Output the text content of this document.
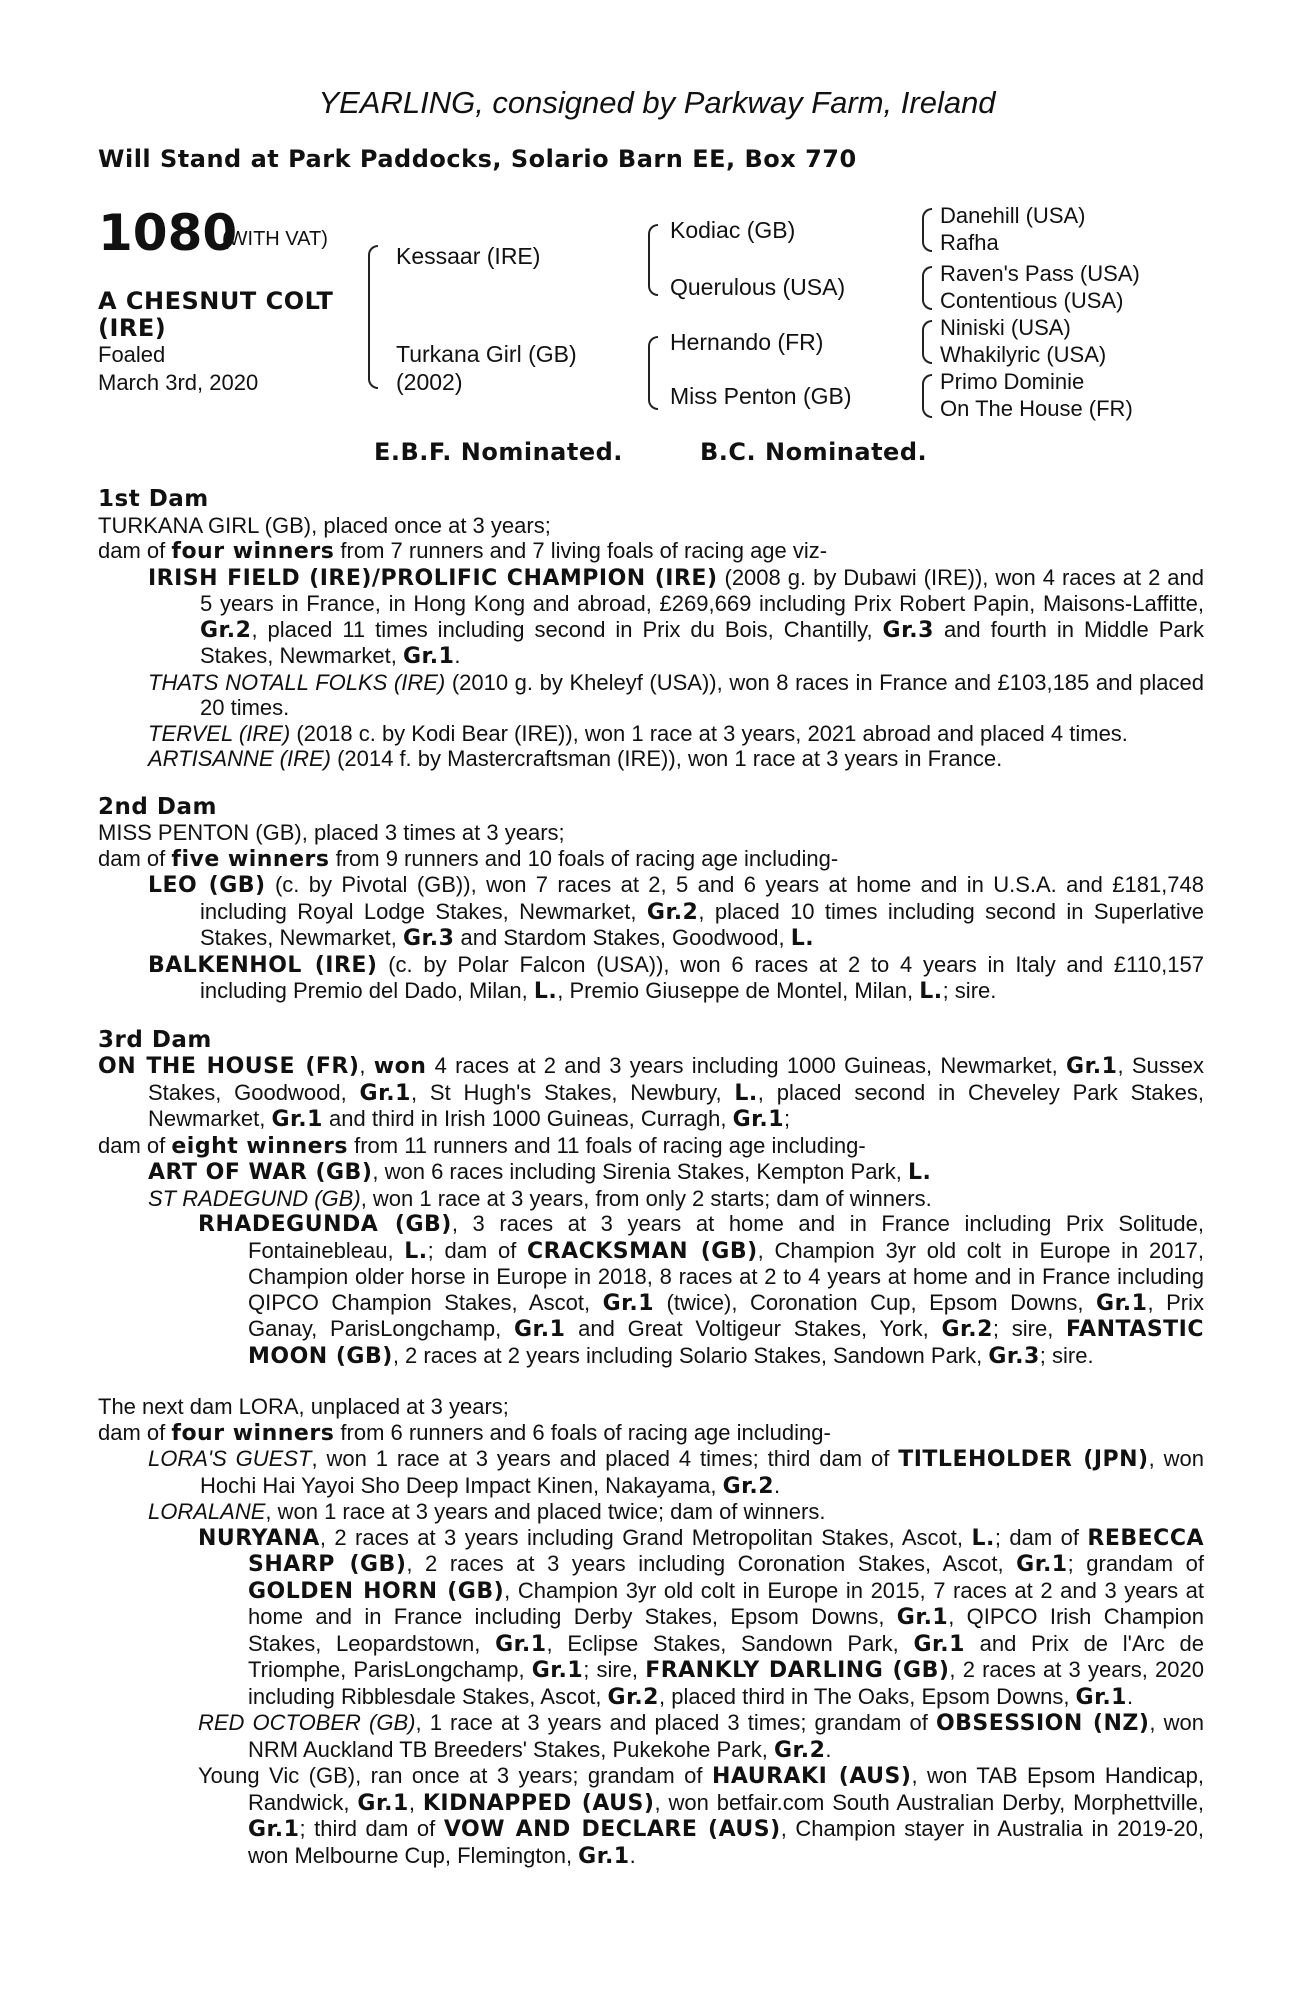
YEARLING, consigned by Parkway Farm, Ireland
Will Stand at Park Paddocks, Solario Barn EE, Box 770
1080
(WITH VAT)
A CHESNUT COLT
(IRE)
Foaled
March 3rd, 2020
Kessaar (IRE)
Turkana Girl (GB)
(2002)
Kodiac (GB)
Querulous (USA)
Hernando (FR)
Miss Penton (GB)
Danehill (USA)
Rafha
Raven's Pass (USA)
Contentious (USA)
Niniski (USA)
Whakilyric (USA)
Primo Dominie
On The House (FR)
E.B.F. Nominated.	B.C. Nominated.

1st Dam

TURKANA GIRL (GB), placed once at 3 years;

dam of four winners from 7 runners and 7 living foals of racing age viz-

IRISH FIELD (IRE)/PROLIFIC CHAMPION (IRE) (2008 g. by Dubawi (IRE)), won 4 races at 2 and 5 years in France, in Hong Kong and abroad, £269,669 including Prix Robert Papin, Maisons-Laffitte, Gr.2, placed 11 times including second in Prix du Bois, Chantilly, Gr.3 and fourth in Middle Park Stakes, Newmarket, Gr.1.

THATS NOTALL FOLKS (IRE) (2010 g. by Kheleyf (USA)), won 8 races in France and £103,185 and placed 20 times.

TERVEL (IRE) (2018 c. by Kodi Bear (IRE)), won 1 race at 3 years, 2021 abroad and placed 4 times.

ARTISANNE (IRE) (2014 f. by Mastercraftsman (IRE)), won 1 race at 3 years in France.

2nd Dam

MISS PENTON (GB), placed 3 times at 3 years;

dam of five winners from 9 runners and 10 foals of racing age including-

LEO (GB) (c. by Pivotal (GB)), won 7 races at 2, 5 and 6 years at home and in U.S.A. and £181,748 including Royal Lodge Stakes, Newmarket, Gr.2, placed 10 times including second in Superlative Stakes, Newmarket, Gr.3 and Stardom Stakes, Goodwood, L.

BALKENHOL (IRE) (c. by Polar Falcon (USA)), won 6 races at 2 to 4 years in Italy and £110,157 including Premio del Dado, Milan, L., Premio Giuseppe de Montel, Milan, L.; sire.

3rd Dam

ON THE HOUSE (FR), won 4 races at 2 and 3 years including 1000 Guineas, Newmarket, Gr.1, Sussex Stakes, Goodwood, Gr.1, St Hugh's Stakes, Newbury, L., placed second in Cheveley Park Stakes, Newmarket, Gr.1 and third in Irish 1000 Guineas, Curragh, Gr.1;

dam of eight winners from 11 runners and 11 foals of racing age including-

ART OF WAR (GB), won 6 races including Sirenia Stakes, Kempton Park, L.

ST RADEGUND (GB), won 1 race at 3 years, from only 2 starts; dam of winners.

RHADEGUNDA (GB), 3 races at 3 years at home and in France including Prix Solitude, Fontainebleau, L.; dam of CRACKSMAN (GB), Champion 3yr old colt in Europe in 2017, Champion older horse in Europe in 2018, 8 races at 2 to 4 years at home and in France including QIPCO Champion Stakes, Ascot, Gr.1 (twice), Coronation Cup, Epsom Downs, Gr.1, Prix Ganay, ParisLongchamp, Gr.1 and Great Voltigeur Stakes, York, Gr.2; sire, FANTASTIC MOON (GB), 2 races at 2 years including Solario Stakes, Sandown Park, Gr.3; sire.

The next dam LORA, unplaced at 3 years;

dam of four winners from 6 runners and 6 foals of racing age including-

LORA'S GUEST, won 1 race at 3 years and placed 4 times; third dam of TITLEHOLDER (JPN), won Hochi Hai Yayoi Sho Deep Impact Kinen, Nakayama, Gr.2.

LORALANE, won 1 race at 3 years and placed twice; dam of winners.

NURYANA, 2 races at 3 years including Grand Metropolitan Stakes, Ascot, L.; dam of REBECCA SHARP (GB), 2 races at 3 years including Coronation Stakes, Ascot, Gr.1; grandam of GOLDEN HORN (GB), Champion 3yr old colt in Europe in 2015, 7 races at 2 and 3 years at home and in France including Derby Stakes, Epsom Downs, Gr.1, QIPCO Irish Champion Stakes, Leopardstown, Gr.1, Eclipse Stakes, Sandown Park, Gr.1 and Prix de l'Arc de Triomphe, ParisLongchamp, Gr.1; sire, FRANKLY DARLING (GB), 2 races at 3 years, 2020 including Ribblesdale Stakes, Ascot, Gr.2, placed third in The Oaks, Epsom Downs, Gr.1.

RED OCTOBER (GB), 1 race at 3 years and placed 3 times; grandam of OBSESSION (NZ), won NRM Auckland TB Breeders' Stakes, Pukekohe Park, Gr.2.

Young Vic (GB), ran once at 3 years; grandam of HAURAKI (AUS), won TAB Epsom Handicap, Randwick, Gr.1, KIDNAPPED (AUS), won betfair.com South Australian Derby, Morphettville, Gr.1; third dam of VOW AND DECLARE (AUS), Champion stayer in Australia in 2019-20, won Melbourne Cup, Flemington, Gr.1.
